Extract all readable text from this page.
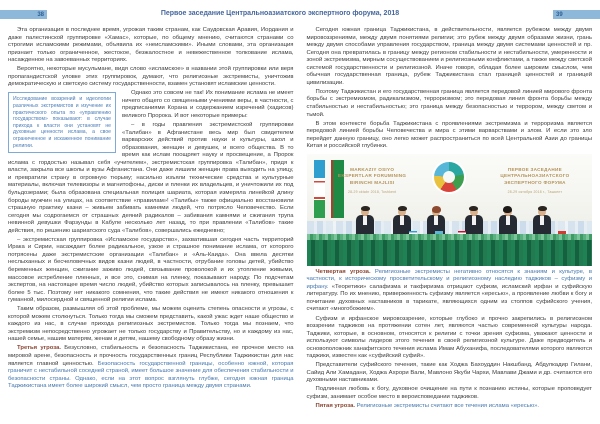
38	39
Первое заседание Центральноазиатского экспертного форума, 2018

Эта организация в последнее время, угрожая таким странам, как Саудовская Аравия, Иордания и даже палестинской группировке «Хамас», которые, по общему мнению, считаются странами со строгими исламскими режимами, объявила их «неисламскими». Иными словами, эта организация признает только ограниченное, жестокое, безжалостное и невежественное толкование ислама, насажденное на завоеванных территориях.

Вероятно, некоторые мусульмане, видя слово «исламское» в названии этой группировки или веря пропагандистской уловке этих группировок, думают, что религиозные экстремисты, уничтожив демократическую и светскую систему государственности, взамен установят исламские ценности.

Исследование воззрений и идеологии различных экстремистов и изучение их практического опыта по «управлению государством» показывают: в случае прихода к власти они установят не духовные ценности ислама, а свое ограниченное и искаженное понимание религии.

Однако это совсем не так! Их понимание ислама не имеет ничего общего со священными учениями веры, в частности, с предписаниями Корана и содержанием изречений (хадисов) великого Пророка. И вот некоторые примеры:

– в годы правления экстремистской группировки «Талибан» в Афганистане весь мир был свидетелем варварских действий против науки и культуры, школ и образования, женщин и девушек, и всего общества. В то время как ислам поощряет науку и просвещение, а Пророк ислама с гордостью называл себя «учителем», экстремистская группировка «Талибан», придя к власти, закрыла все школы и вузы Афганистана. Они даже лишили женщин права выходить на улицу, и превратили страну в огромную тюрьму; насильно изъяли технические средства и культурные материалы, включая телевизоры и магнитофоны, диски и пленки их владельцев, и уничтожили их под бульдозерами; была образована специальная полиция шариата, которая измеряла линейкой длину бороды мужчин на улицах, на соответствие «правилам»! «Талибы» также официально восстановили страшную практику казни – живьем забивать камнями людей, что потрясло Человечество. Если сегодня мы содрогаемся от страшных деяний радикалов – забивания камнями и сжигания трупа невинной девушки Фарзунды в Кабуле несколько лет назад, то при правлении «Талибов» такие действия, по решению шариатского суда «Талибов», совершались ежедневно;

– экстремистская группировка «Исламское государство», захватившая сегодня часть территорий Ирака и Сирии, насаждает более радикальное, узкое и страшное понимание ислама, от которого потрясены даже экстремистские организации «Талибан» и «Аль-Каида». Она ввела десятки неслыханных и бесчеловечных видов казни людей, в частности, отрубание головы детей, убийство беременных женщин, сжигание заживо людей, связывание проволокой и их утопление живыми, массовое истребление пленных, и все это, снимая на пленку, показывают народу. По подсчетам экспертов, на настоящее время число людей, убийство которых записывалось на пленку, превышает более 5 тыс. Поэтому нет никакого сомнения, что такие действия не имеют никакого отношения к гуманной, милосердной и священной религии ислама.

Таким образом, размышляя об этой проблеме, мы можем оценить степень опасности и угрозы, с которой можем столкнуться. Только тогда мы сможем представить, какой ужас ждет наше общество и каждого из нас, в случае прихода религиозных экстремистов. Только тогда мы познаем, что экстремизм непосредственно угрожает не только государству и Правительству, но и каждому из нас, нашей семье, нашим матерям, женам и детям, нашему свободному образу жизни.

Третья угроза. Безусловно, стабильность и безопасность Таджикистана, ее прочное место на мировой арене, безопасность и прочность государственных границ Республики Таджикистан для нас является главной ценностью. Безопасность государственной границы, особенно южной, которая граничит с нестабильной соседней страной, имеет большое значение для обеспечения стабильности и безопасности страны. Однако, если на этот вопрос взглянуть глубже, сегодня южная граница Таджикистана имеет более широкий смысл, чем просто граница между двумя странами.

Сегодня южная граница Таджикистана, в действительности, является рубежом между двумя мировоззрениями, между двумя понятиями религии; это рубеж между двумя образами жизни, грань между двумя способами управления государством, граница между двумя системами ценностей и пр. Сегодня она превратилась в границу между регионом стабильности и нестабильности, умеренности и зоной экстремизма, мирным сосуществованием и религиозными конфликтами, а также между светской системой государственности и религиозной. Иначе говоря, обладая более широким смыслом, чем обычная государственная граница, рубеж Таджикистана стал границей ценностей и границей цивилизации.

Поэтому Таджикистан и его государственная граница является передовой линией мирового фронта борьбы с экстремизмом, радикализмом, терроризмом; это передовая линия фронта борьбы между стабильностью и нестабильностью; это граница между безопасностью и террором, между светом и тьмой.

В этом контексте борьба Таджикистана с проявлениями экстремизма и терроризма является передовой линией борьбы Человечества и мира с этими варварствами и злом. И если это зло перейдет данную границу, оно легко может распространиться по всей Центральной Азии до границы Китая и российской глубинки.

MARKAZIY OSIYO
EKSPERTLAR FORUMINING
BIRINCHI MAJLISI
28-29 oktabr 2018, Toshkent
ПЕРВОЕ ЗАСЕДАНИЕ
ЦЕНТРАЛЬНОАЗИАТСКОГО
ЭКСПЕРТНОГО ФОРУМА
28-29 октября 2018 г., Ташкент

Четвертая угроза. Религиозные экстремисты негативно относятся к знаниям и культуре, в частности, к историческому просветительскому и религиозному наследию таджиков – суфизму и ирфану. «Теоретики» салафизма и такфиризма отрицают суфизм, исламский ирфан и суфийскую литературу. По их мнению, приверженность суфизму является «ересью», а проявление любви к богу и почитание духовных наставников в тарикате, являющихся одним из столпов суфийского учения, считают «многобожием».

Суфизм и ирфанское мировоззрение, которые глубоко и прочно закрепились в религиозном воззрении таджиков на протяжении сотен лет, являются частью современной культуры народа. Таджики, которые, в основном, относятся к религии с точки зрения суфизма, уважают ценности и используют символы лидеров этого течения в своей религиозной культуре. Даже предводитель и основоположник ханафитского течения ислама Имам Абуханифа, последователями которого являются таджики, известен как «суфийский суфий».

Представители суфийского течения, такие как Ходжа Бахоуддин Накшбанд, Абдулкадир Гилани, Сайид Али Хамадани, Ходжа Ахрори Вали, Мавлоно Якуби Чархи, Мавлави Джами и др. считаются его духовными наставниками.

Подлинная любовь к богу, духовное очищение на пути к познанию истины, которые проповедует суфизм, занимает особое место в вероисповедании таджиков.

Пятая угроза. Религиозные экстремисты считают все течения ислама «ересью».
